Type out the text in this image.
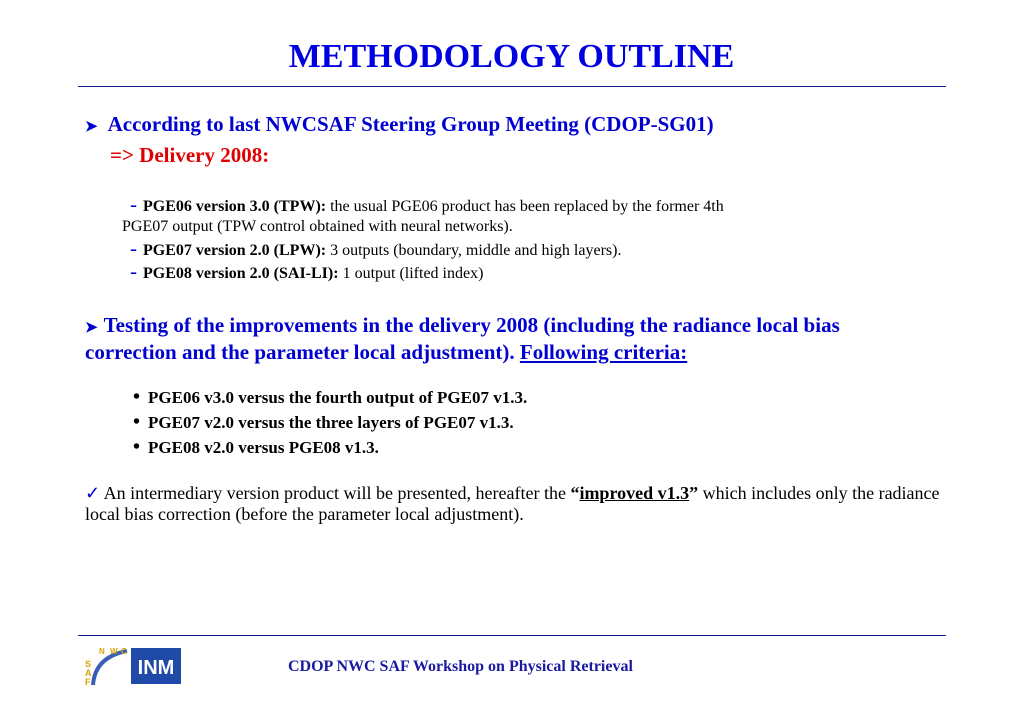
METHODOLOGY OUTLINE
➤ According to last NWCSAF Steering Group Meeting (CDOP-SG01)
=> Delivery 2008:
- PGE06 version 3.0 (TPW): the usual PGE06 product has been replaced by the former 4th
PGE07 output (TPW control obtained with neural networks).
- PGE07 version 2.0 (LPW): 3 outputs (boundary, middle and high layers).
- PGE08 version 2.0 (SAI-LI): 1 output (lifted index)
➤ Testing of the improvements in the delivery 2008 (including the radiance local bias correction and the parameter local adjustment). Following criteria:
• PGE06 v3.0 versus the fourth output of PGE07 v1.3.
• PGE07 v2.0 versus the three layers of PGE07 v1.3.
• PGE08 v2.0 versus PGE08 v1.3.
✓ An intermediary version product will be presented, hereafter the “improved v1.3” which includes only the radiance local bias correction (before the parameter local adjustment).
S
A
F
N W C
INM	CDOP NWC SAF Workshop on Physical Retrieval
